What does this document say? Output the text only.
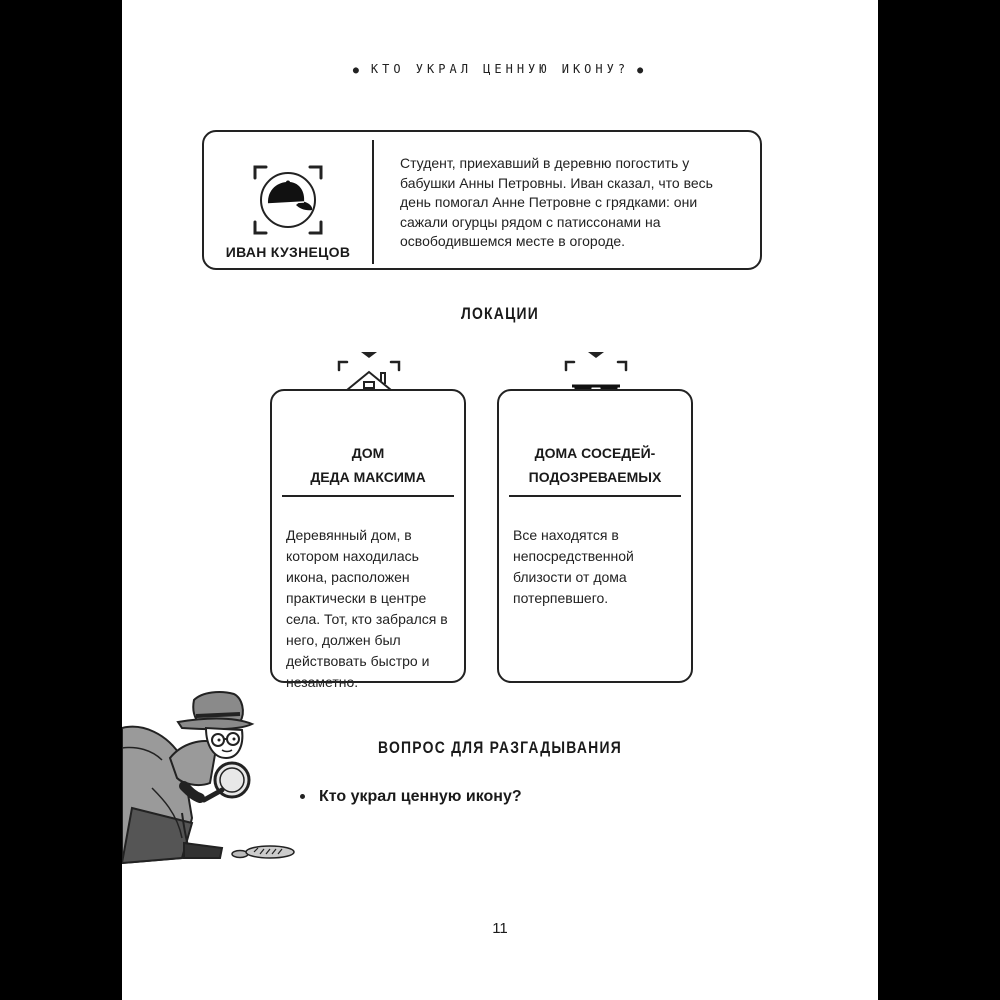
● КТО УКРАЛ ЦЕННУЮ ИКОНУ? ●
ИВАН КУЗНЕЦОВ
Студент, приехавший в деревню погостить у бабушки Анны Петровны. Иван сказал, что весь день помогал Анне Петровне с грядками: они сажали огурцы рядом с патиссонами на освободившемся месте в огороде.
ЛОКАЦИИ
ДОМ
ДЕДА МАКСИМА
Деревянный дом, в котором находилась икона, расположен практически в центре села. Тот, кто забрался в него, должен был действовать быстро и незаметно.
ДОМА СОСЕДЕЙ-
ПОДОЗРЕВАЕМЫХ
Все находятся в непосредственной близости от дома потерпевшего.
ВОПРОС ДЛЯ РАЗГАДЫВАНИЯ
Кто украл ценную икону?
11
